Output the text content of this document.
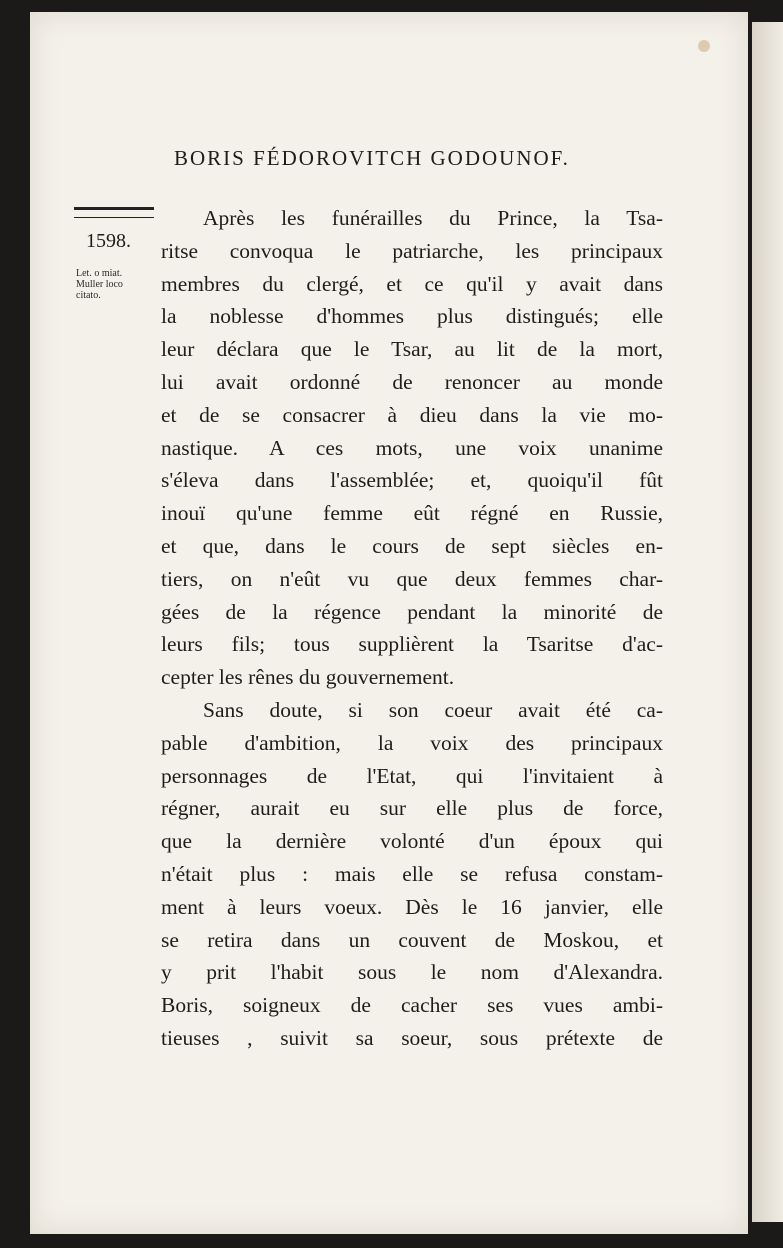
BORIS FÉDOROVITCH GODOUNOF.
1598.
Let. o miat.
Muller loco
citato.
Après les funérailles du Prince, la Tsa-
ritse convoqua le patriarche, les principaux
membres du clergé, et ce qu'il y avait dans
la noblesse d'hommes plus distingués; elle
leur déclara que le Tsar, au lit de la mort,
lui avait ordonné de renoncer au monde
et de se consacrer à dieu dans la vie mo-
nastique. A ces mots, une voix unanime
s'éleva dans l'assemblée; et, quoiqu'il fût
inouï qu'une femme eût régné en Russie,
et que, dans le cours de sept siècles en-
tiers, on n'eût vu que deux femmes char-
gées de la régence pendant la minorité de
leurs fils; tous supplièrent la Tsaritse d'ac-
cepter les rênes du gouvernement.
Sans doute, si son coeur avait été ca-
pable d'ambition, la voix des principaux
personnages de l'Etat, qui l'invitaient à
régner, aurait eu sur elle plus de force,
que la dernière volonté d'un époux qui
n'était plus : mais elle se refusa constam-
ment à leurs voeux. Dès le 16 janvier, elle
se retira dans un couvent de Moskou, et
y prit l'habit sous le nom d'Alexandra.
Boris, soigneux de cacher ses vues ambi-
tieuses , suivit sa soeur, sous prétexte de
